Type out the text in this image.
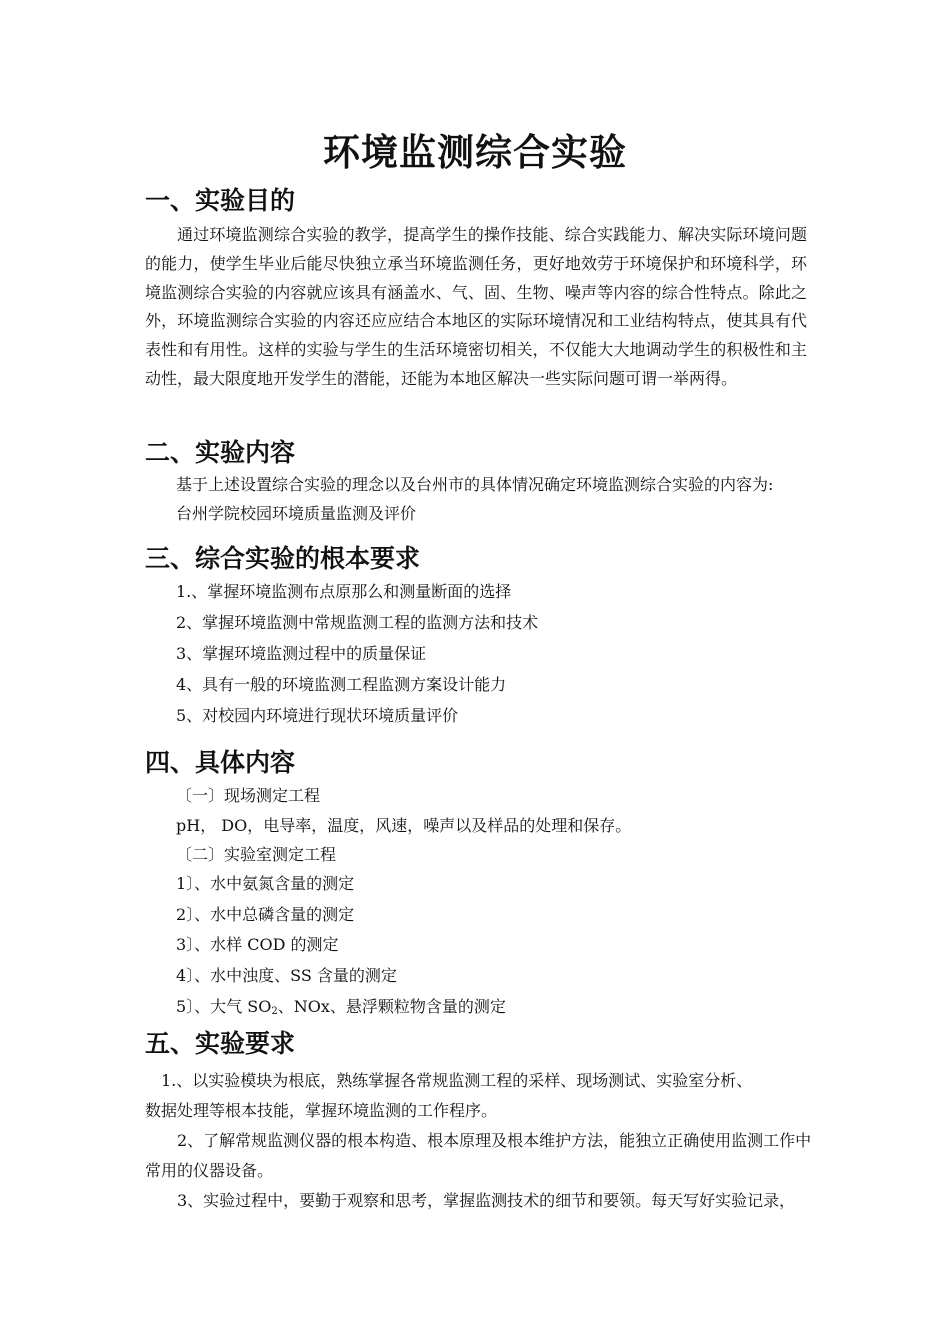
环境监测综合实验
一、实验目的

通过环境监测综合实验的教学，提高学生的操作技能、综合实践能力、解决实际环境问题的能力，使学生毕业后能尽快独立承当环境监测任务，更好地效劳于环境保护和环境科学，环境监测综合实验的内容就应该具有涵盖水、气、固、生物、噪声等内容的综合性特点。除此之外，环境监测综合实验的内容还应应结合本地区的实际环境情况和工业结构特点，使其具有代表性和有用性。这样的实验与学生的生活环境密切相关，不仅能大大地调动学生的积极性和主动性，最大限度地开发学生的潜能，还能为本地区解决一些实际问题可谓一举两得。

二、实验内容

基于上述设置综合实验的理念以及台州市的具体情况确定环境监测综合实验的内容为:

台州学院校园环境质量监测及评价

三、综合实验的根本要求

1.、掌握环境监测布点原那么和测量断面的选择

2、掌握环境监测中常规监测工程的监测方法和技术

3、掌握环境监测过程中的质量保证

4、具有一般的环境监测工程监测方案设计能力

5、对校园内环境进行现状环境质量评价

四、具体内容

〔一〕现场测定工程

pH， DO，电导率，温度，风速，噪声以及样品的处理和保存。

〔二〕实验室测定工程

1〕、水中氨氮含量的测定

2〕、水中总磷含量的测定

3〕、水样 COD 的测定

4〕、水中浊度、SS 含量的测定

5〕、大气 $SO_2$、NOx、悬浮颗粒物含量的测定

五、实验要求

1.、以实验模块为根底，熟练掌握各常规监测工程的采样、现场测试、实验室分析、

数据处理等根本技能，掌握环境监测的工作程序。

2、了解常规监测仪器的根本构造、根本原理及根本维护方法，能独立正确使用监测工作中常用的仪器设备。

3、实验过程中，要勤于观察和思考，掌握监测技术的细节和要领。每天写好实验记录，
